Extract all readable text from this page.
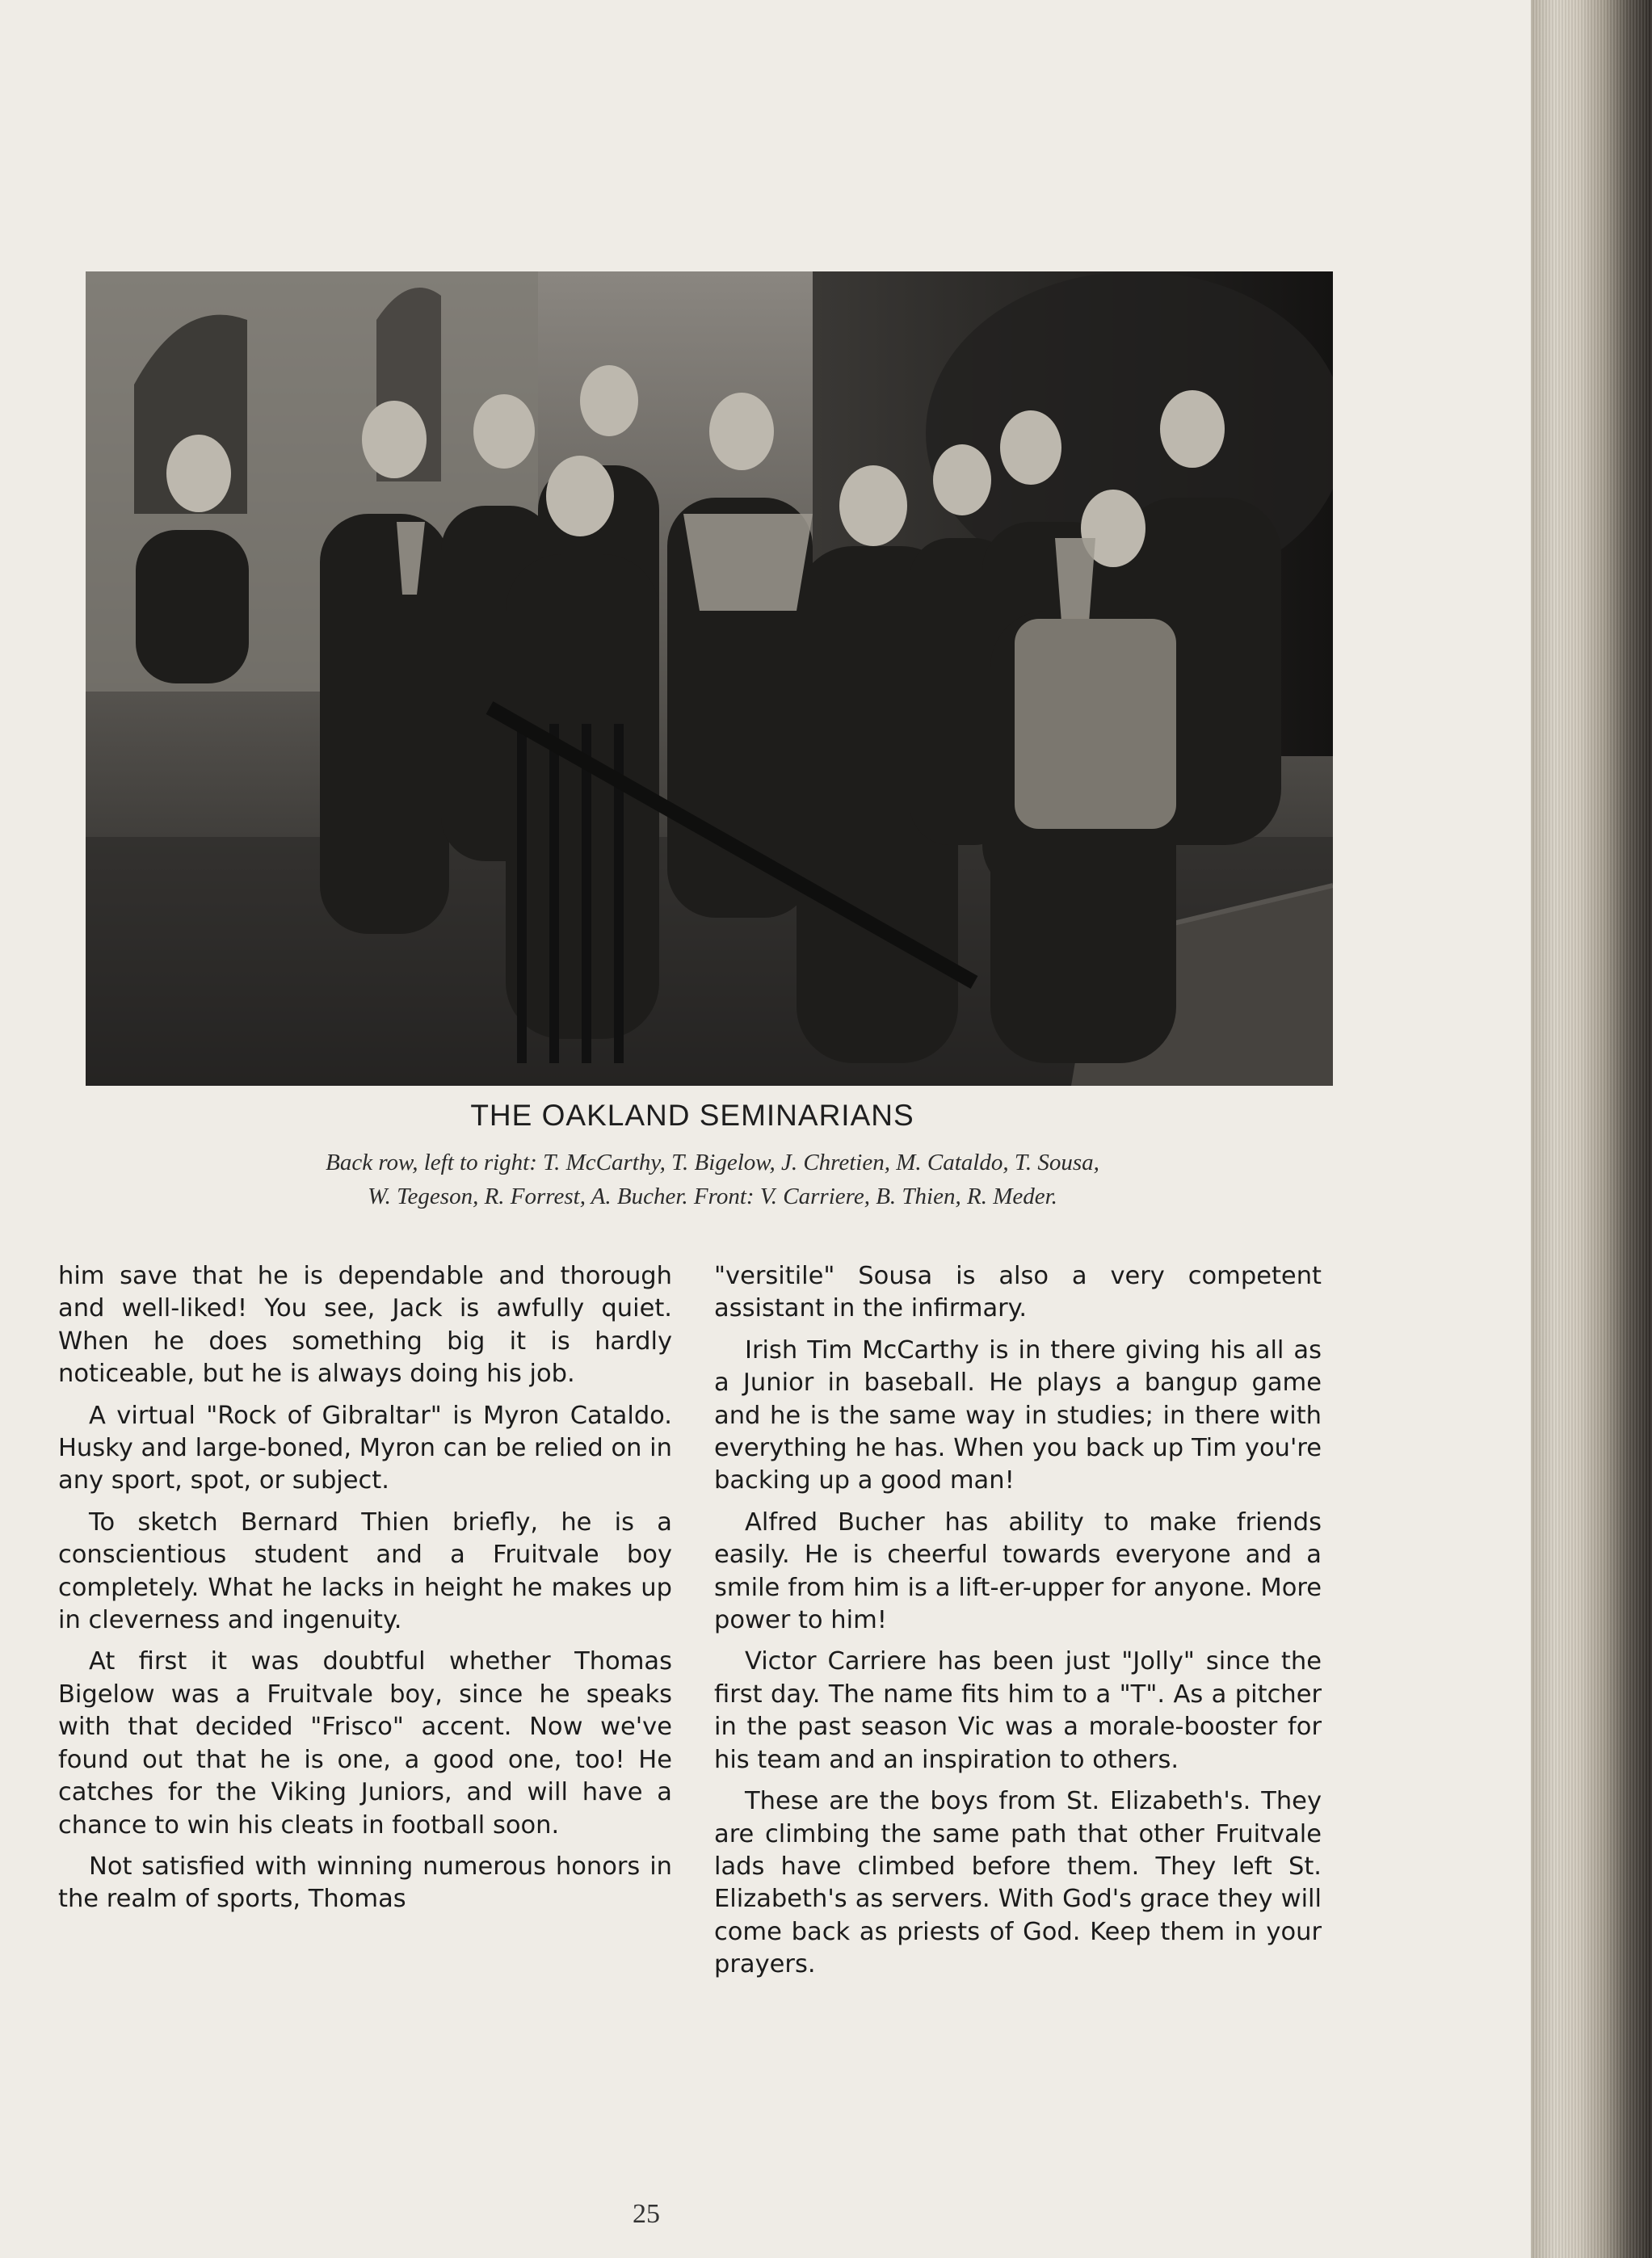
THE OAKLAND SEMINARIANS
Back row, left to right: T. McCarthy, T. Bigelow, J. Chretien, M. Cataldo, T. Sousa,
W. Tegeson, R. Forrest, A. Bucher. Front: V. Carriere, B. Thien, R. Meder.

him save that he is dependable and thorough and well-liked! You see, Jack is awfully quiet. When he does something big it is hardly noticeable, but he is always doing his job.

A virtual "Rock of Gibraltar" is Myron Cataldo. Husky and large-boned, Myron can be relied on in any sport, spot, or subject.

To sketch Bernard Thien briefly, he is a conscientious student and a Fruitvale boy completely. What he lacks in height he makes up in cleverness and ingenuity.

At first it was doubtful whether Thomas Bigelow was a Fruitvale boy, since he speaks with that decided "Frisco" accent. Now we've found out that he is one, a good one, too! He catches for the Viking Juniors, and will have a chance to win his cleats in football soon.

Not satisfied with winning numerous honors in the realm of sports, Thomas

"versitile" Sousa is also a very competent assistant in the infirmary.

Irish Tim McCarthy is in there giving his all as a Junior in baseball. He plays a bangup game and he is the same way in studies; in there with everything he has. When you back up Tim you're backing up a good man!

Alfred Bucher has ability to make friends easily. He is cheerful towards everyone and a smile from him is a lift-er-upper for anyone. More power to him!

Victor Carriere has been just "Jolly" since the first day. The name fits him to a "T". As a pitcher in the past season Vic was a morale-booster for his team and an inspiration to others.

These are the boys from St. Elizabeth's. They are climbing the same path that other Fruitvale lads have climbed before them. They left St. Elizabeth's as servers. With God's grace they will come back as priests of God. Keep them in your prayers.

25
